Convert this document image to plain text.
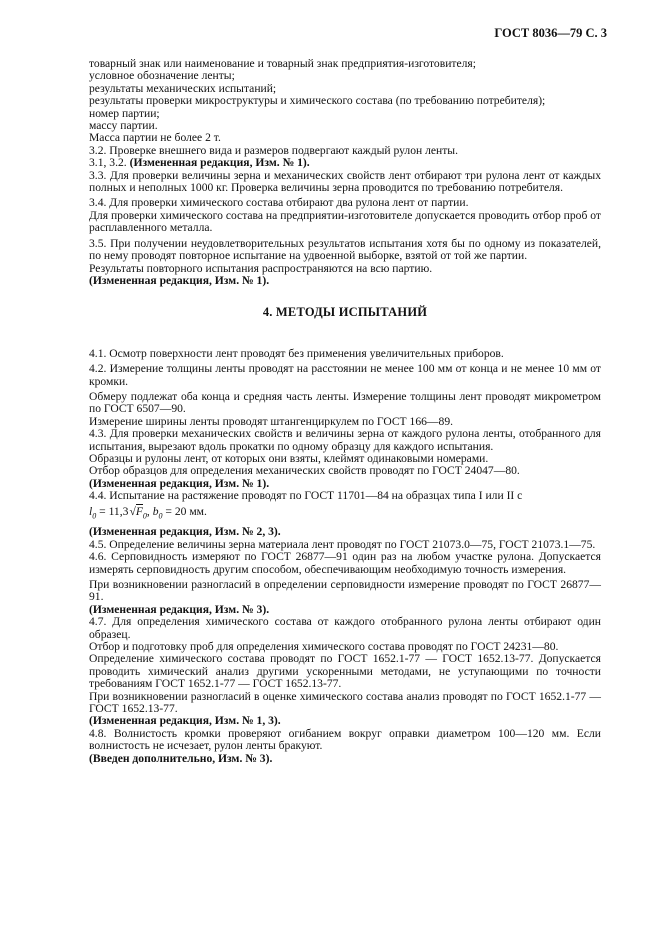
ГОСТ 8036—79 С. 3

товарный знак или наименование и товарный знак предприятия-изготовителя;

условное обозначение ленты;

результаты механических испытаний;

результаты проверки микроструктуры и химического состава (по требованию потребителя);

номер партии;

массу партии.

Масса партии не более 2 т.

3.2. Проверке внешнего вида и размеров подвергают каждый рулон ленты.

3.1, 3.2. (Измененная редакция, Изм. № 1).

3.3. Для проверки величины зерна и механических свойств лент отбирают три рулона лент от каждых полных и неполных 1000 кг. Проверка величины зерна проводится по требованию потребителя.

3.4. Для проверки химического состава отбирают два рулона лент от партии.

Для проверки химического состава на предприятии-изготовителе допускается проводить отбор проб от расплавленного металла.

3.5. При получении неудовлетворительных результатов испытания хотя бы по одному из показателей, по нему проводят повторное испытание на удвоенной выборке, взятой от той же партии.

Результаты повторного испытания распространяются на всю партию.

(Измененная редакция, Изм. № 1).

4. МЕТОДЫ ИСПЫТАНИЙ

4.1. Осмотр поверхности лент проводят без применения увеличительных приборов.

4.2. Измерение толщины ленты проводят на расстоянии не менее 100 мм от конца и не менее 10 мм от кромки.

Обмеру подлежат оба конца и средняя часть ленты. Измерение толщины лент проводят микрометром по ГОСТ 6507—90.

Измерение ширины ленты проводят штангенциркулем по ГОСТ 166—89.

4.3. Для проверки механических свойств и величины зерна от каждого рулона ленты, отобранного для испытания, вырезают вдоль прокатки по одному образцу для каждого испытания.

Образцы и рулоны лент, от которых они взяты, клеймят одинаковыми номерами.

Отбор образцов для определения механических свойств проводят по ГОСТ 24047—80.

(Измененная редакция, Изм. № 1).

4.4. Испытание на растяжение проводят по ГОСТ 11701—84 на образцах типа I или II с

$l_0 = 11,3√F_0$, $b_0 = 20$ мм.

(Измененная редакция, Изм. № 2, 3).

4.5. Определение величины зерна материала лент проводят по ГОСТ 21073.0—75, ГОСТ 21073.1—75.

4.6. Серповидность измеряют по ГОСТ 26877—91 один раз на любом участке рулона. Допускается измерять серповидность другим способом, обеспечивающим необходимую точность измерения.

При возникновении разногласий в определении серповидности измерение проводят по ГОСТ 26877—91.

(Измененная редакция, Изм. № 3).

4.7. Для определения химического состава от каждого отобранного рулона ленты отбирают один образец.

Отбор и подготовку проб для определения химического состава проводят по ГОСТ 24231—80.

Определение химического состава проводят по ГОСТ 1652.1-77 — ГОСТ 1652.13-77. Допускается проводить химический анализ другими ускоренными методами, не уступающими по точности требованиям ГОСТ 1652.1-77 — ГОСТ 1652.13-77.

При возникновении разногласий в оценке химического состава анализ проводят по ГОСТ 1652.1-77 — ГОСТ 1652.13-77.

(Измененная редакция, Изм. № 1, 3).

4.8. Волнистость кромки проверяют огибанием вокруг оправки диаметром 100—120 мм. Если волнистость не исчезает, рулон ленты бракуют.

(Введен дополнительно, Изм. № 3).
